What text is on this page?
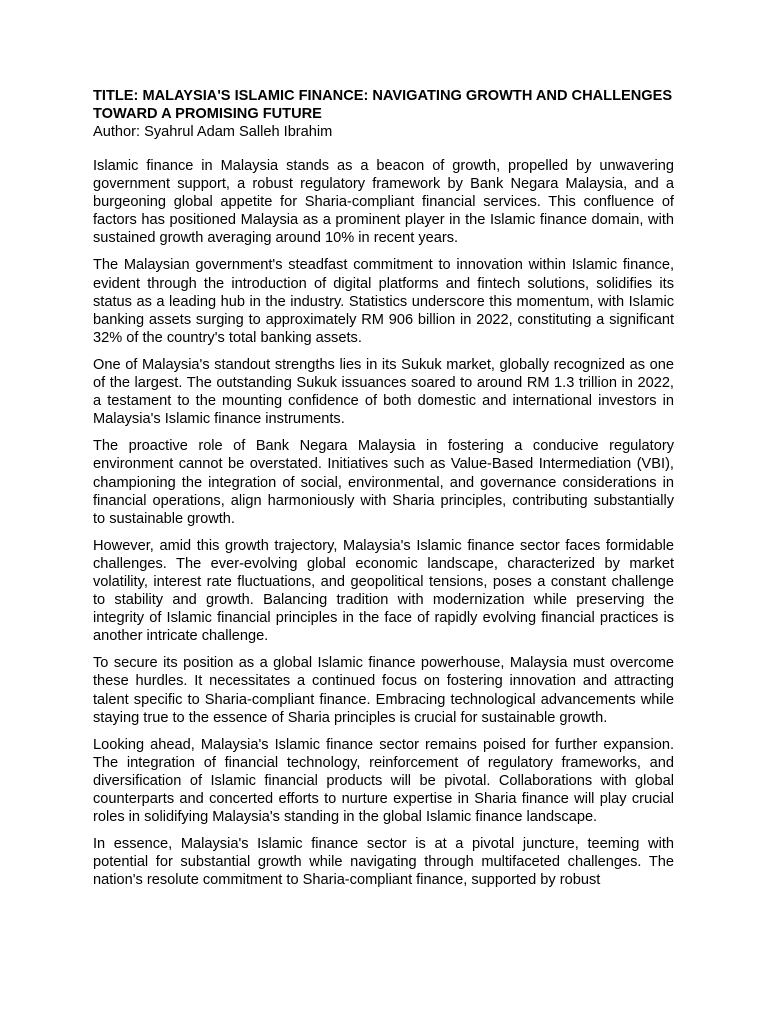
TITLE: MALAYSIA'S ISLAMIC FINANCE: NAVIGATING GROWTH AND CHALLENGES TOWARD A PROMISING FUTURE

Author: Syahrul Adam Salleh Ibrahim

Islamic finance in Malaysia stands as a beacon of growth, propelled by unwavering government support, a robust regulatory framework by Bank Negara Malaysia, and a burgeoning global appetite for Sharia-compliant financial services. This confluence of factors has positioned Malaysia as a prominent player in the Islamic finance domain, with sustained growth averaging around 10% in recent years.

The Malaysian government's steadfast commitment to innovation within Islamic finance, evident through the introduction of digital platforms and fintech solutions, solidifies its status as a leading hub in the industry. Statistics underscore this momentum, with Islamic banking assets surging to approximately RM 906 billion in 2022, constituting a significant 32% of the country's total banking assets.

One of Malaysia's standout strengths lies in its Sukuk market, globally recognized as one of the largest. The outstanding Sukuk issuances soared to around RM 1.3 trillion in 2022, a testament to the mounting confidence of both domestic and international investors in Malaysia's Islamic finance instruments.

The proactive role of Bank Negara Malaysia in fostering a conducive regulatory environment cannot be overstated. Initiatives such as Value-Based Intermediation (VBI), championing the integration of social, environmental, and governance considerations in financial operations, align harmoniously with Sharia principles, contributing substantially to sustainable growth.

However, amid this growth trajectory, Malaysia's Islamic finance sector faces formidable challenges. The ever-evolving global economic landscape, characterized by market volatility, interest rate fluctuations, and geopolitical tensions, poses a constant challenge to stability and growth. Balancing tradition with modernization while preserving the integrity of Islamic financial principles in the face of rapidly evolving financial practices is another intricate challenge.

To secure its position as a global Islamic finance powerhouse, Malaysia must overcome these hurdles. It necessitates a continued focus on fostering innovation and attracting talent specific to Sharia-compliant finance. Embracing technological advancements while staying true to the essence of Sharia principles is crucial for sustainable growth.

Looking ahead, Malaysia's Islamic finance sector remains poised for further expansion. The integration of financial technology, reinforcement of regulatory frameworks, and diversification of Islamic financial products will be pivotal. Collaborations with global counterparts and concerted efforts to nurture expertise in Sharia finance will play crucial roles in solidifying Malaysia's standing in the global Islamic finance landscape.

In essence, Malaysia's Islamic finance sector is at a pivotal juncture, teeming with potential for substantial growth while navigating through multifaceted challenges. The nation's resolute commitment to Sharia-compliant finance, supported by robust
